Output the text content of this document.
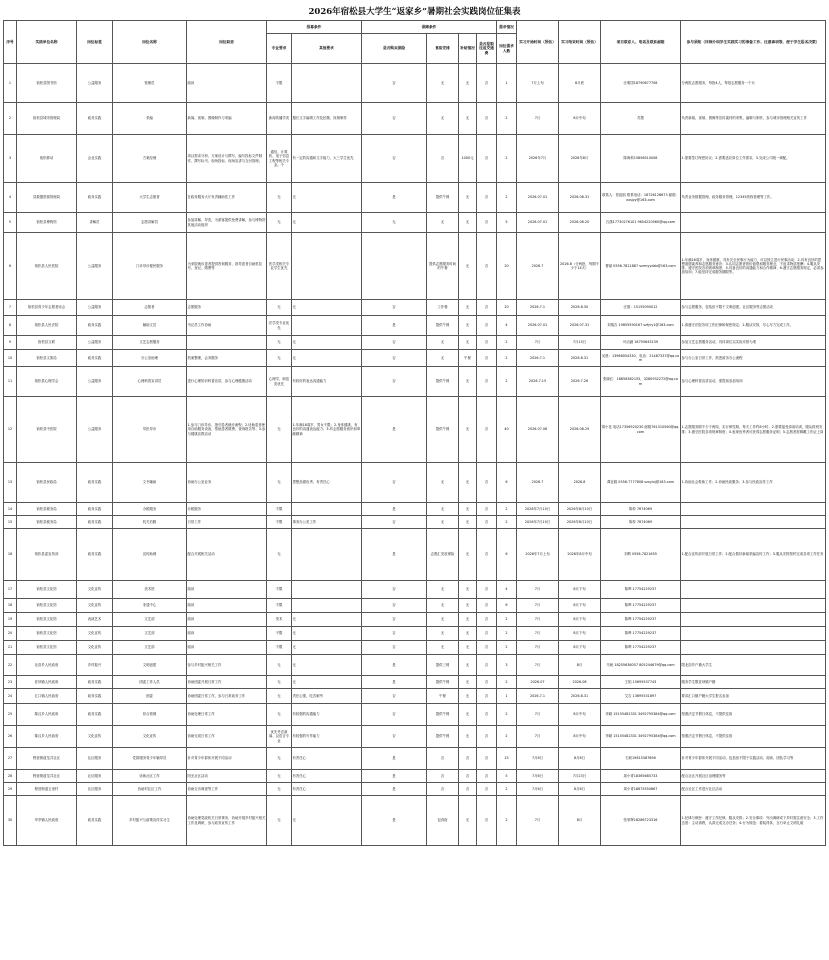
2026年宿松县大学生“返家乡”暑期社会实践岗位征集表
序号	实践单位名称	岗位标签	岗位名称	岗位职责	招募条件		保障条件				需求情况	实习开始时间（预估）	实习结束时间（预估）	项目联系人、电话及联系邮箱	参与须知（详细介绍学生实践实习的准备工作、注意事项等，便于学生报名决策）
					专业要求	其他要求	是否购买保险	食宿安排	补贴情况	是否报销往返交通费	岗位需求人数				
1	宿松县图书馆	公益服务	管理员	阅读	不限		否	无	无	否	1	7月上旬	8月底	汪明国18790677708	分两批志愿服务，每批4人，每批志愿服务一个月
2	宿松县城市管理局	政务实践	采编	新闻、视频、图像制作与采编	新闻传播学类	擅长文字编辑工作及拍摄、视频制作	否	无	无	否	2	7月	8月中旬	苏慧	负责新闻、视频、图像等宣传素材的采集、编辑与制作，参与城市管理相关宣传工作
3	宿松移动	企业实践	方案经理	项目需求分析、方案设计与撰写，编写投标文件制作、撰写标书、现场投标、现场宣讲与交付管理。	通信、计算机、电子信息工程等相关专业。个	有一定的沟通和文字能力，大三学生优先	否	否	1000元	否	2	2026年7月	2026年8月	陈海科15856510008	1.需要签订保密协议；2.需要适应岗位工作需求，3.完成公司统一调配。
4	县数据资源管理局	政务实践	大学生志愿者	在政务服务大厅负责辅助性工作	无	无	是	提供午餐	无	否	2	2026.07.01	2026.08.31	联系人：张振凯 联系电话：18726126673 邮箱：xxsjzy@163.com	负责业务数据管理、政务服务管理，12345热线管理等工作。
5	宿松县博物馆	讲解员	志愿讲解员	参加讲解、导览，为游客提供免费讲解，参与博物馆其他活动组织	无	无	无	无	无	否	5	2026.07.01	2026.08.20	石潇17730276101 9654220560@qq.com	
6	宿松县人民医院	公益服务	门诊导诊便民服务	为来院就诊患者提供咨询服务、指导患者自助机挂号、登记、缴费等	医学类相关专业学生优先			提供志愿服务时间的午餐	无	否	20	2026.7	2026.8（分两批，每期不少于14天）	曹斌 0556-7821887 szrmyydzb@163.com	1.年满18周岁，身体健康，具有完全民事行为能力，可以独立进行民事活动；2.具有良好的思想道德素养和志愿服务意识；3.认同志愿者的价值观和服务理念，不追求物质报酬；4.服从安排，遵守医院各项规章制度；5.具备良好的沟通能力和合作精神；6.遵守志愿服务规定，必须参加培训；7.能坚持完成服务期限等。
7	宿松县青少年志愿者协会	公益服务	志愿者	志愿服务	无	无	否	工作餐	无	否	20	2026.7.1	2026.8.30	汪瑞：15155090012	参与志愿服务，包括但不限于文明创建、社区服务等志愿活动
8	宿松县人民法院	政务实践	辅助文员	书记员工作协助	法学类专业优先		是	提供午餐	无	否	4	2026.07.01	2026.07.31	刘瑞吉 19855590167 szfyry1@163.com	1.请遵守法院各项工作纪律和保密规定；2.服从安排，尽心尽力完成工作。
9	宿松县文联	公益服务	文艺志愿服务		无	无	否	无	无	否	2	7月	7月15日	叶洁涵 18755643139	参加文艺志愿服务活动，具体岗位以实际安排为准
10	宿松县文旅局	政务实践	办公室助理	档案整理，会务服务	无	无	否	无	午餐	否	2	2026.7.1	2026.8.31	吴晨：13966054330，电话：21487337@qq.com	参与办公室日常工作，熟悉政务办公流程
11	宿松县心理学会	公益服务	心理科普宣讲员	进行心理知识科普宣讲，参与心理健康活动	心理学、师范类优先	有较好的表达沟通能力	否	提供午餐	无	否	2	2026.7.15	2026.7.26	张晓红：18656382155，3280932272@qq.com	参与心理科普宣讲活动，需提前参加培训
12	宿松县中医院	公益服务	导医导诊	1.参与门诊导诊、指引患者就诊流程；2.协助患者使用自助服务设备，帮助患者缴费、查询报告等；3.参与健康宣教活动	无	1.年满18周岁，男女不限；2.身体健康，有良好的沟通表达能力；3.有志愿服务意识和奉献精神	是	提供午餐	无	否	40	2026.07.06	2026.08.29	胡小花 电话17356920230 邮箱761310560@qq.com	1.志愿服务期不少于两周，实行弹性制，每天工作约8小时；2.需要接受岗前培训，服从排班安排；3.遵守医院各项规章制度；4.表现优秀者可获得志愿服务证明；5.志愿者需佩戴工作证上岗
13	宿松县民政局	政务实践	文书辅助	协助办公室业务	无	思想品德优秀，有责任心	否	无	无	否	6	2026.7	2026.8	谭亚娟 0556-7777808 szxylxj@163.com	1.协助社会救助工作；2.协助民政服务；3.参与民政宣传工作
14	宿松县税务局	政务实践	办税服务	办税服务	不限		是	无	无	否	2	2026年7月10日	2026年8月10日	陈仲 7874069	
15	宿松县税务局	政务实践	机关后勤	日常工作	不限	事务办公类工作	否	无	无	否	2	2026年7月10日	2026年8月10日	陈仲 7874069	
16	宿松县委宣传部	政务实践	宣传助理	配合开展相关活动	无		是	志愿汇发放保险	无	否	6	2026年7月上旬	2026年8月中旬	刘利 0556-7821655	1.配合宣传部开展日常工作；2.配合做好新闻采编宣传工作；3.服从安排按时完成各项工作任务
17	宿松县文化馆	文化宣传	美术馆	阅读	不限		否	无	无	否	4	7月	8月下旬	陈晔 17754229237	
18	宿松县文化馆	文化宣传	非遗中心	阅读	不限		否	无	无	否	6	7月	8月下旬	陈晔 17754229237	
19	宿松县文化馆	表演艺术	文艺部	阅读	美术	无	否	无	无	否	2	7月	8月下旬	陈晔 17754229237	
20	宿松县文化馆	文化宣传	文艺部	阅读	不限	无	否	无	无	否	2	7月	8月下旬	陈晔 17754229237	
21	宿松县文化馆	文化宣传	文艺部	阅读	不限	无	否	无	无	否	2	7月	8月下旬	陈晔 17754229237	
22	北浴乡人民政府	乡村振兴	文明创建	参与乡村振兴相关工作	无	无	是	提供三餐	无	否	3	7月	8月	马帆 18255636057 805244679@qq.com	限北浴乡户籍大学生
23	佐坝镇人民政府	政务实践	团委工作人员	协助团委开展日常工作	无	无	是	提供午餐	无	否	2	2026.07	2026.08	王韬 15695537743	服务学生限佐坝镇户籍
24	汇口镇人民政府	政务实践	团委	协助团委日常工作，参与日常政务工作	无	责任心强，吃苦耐劳	否	午餐	无	否	1	2026.7.1	2026.8.31	艾吉 13695531897	要求汇口镇户籍大学生报名参加
25	陈汉乡人民政府	政务实践	综合管理	协助处理日常工作	无	有较强的沟通能力	否	提供午餐	无	否	2	7月	8月中旬	李颖 15155482331 3492795384@qq.com	按照法定节假日休息，不提供住宿
26	陈汉乡人民政府	文化宣传	文化宣传	协助完成日常工作	优先考虑新闻、汉语言专业	有较强的写作能力	否	提供午餐	无	否	2	7月	8月中旬	李颖 15155482331 3492795384@qq.com	按照法定节假日休息，不提供住宿
27	程营街道龙井社区	社区服务	党群服务青少年辅导员	针对青少年群体开展不同活动	无	有责任心	是	否	否	否	15	7月8日	8月8日	石莉19815387896	针对青少年群体开展不同活动，包括但不限于实践活动、阅读、团队学习等
28	程营街道龙井社区	社区服务	协助社区工作	阳光社区活动	无	有责任心	是	否	否	否	5	7月6日	7月23日	周小青18365685733	配合社区开展社区治理服务等
29	程营街道五里村	社区服务	协助村社区工作	协助走访调查等工作	无	有责任心	是	否	否	否	2	7月6日	8月6日	周小青18675550867	配合社区工作进行社区活动
30	华亭镇人民政府	政务实践	乡村振兴与政策宣传实习生	协助处理党政机关日常事务，协助开展乡村振兴相关工作及调研，参与政务宣传工作	无	无	是	包食宿	无	否	2	7月	8月	张荣辉18286723316	1.纪律与保密：遵守工作纪律，服从安排；2.安全事项：外出调研或下乡时需注意安全；3.工作态度：主动请教，认真完成交办任务；4.行为规范：着装得体，言行举止文明礼貌
